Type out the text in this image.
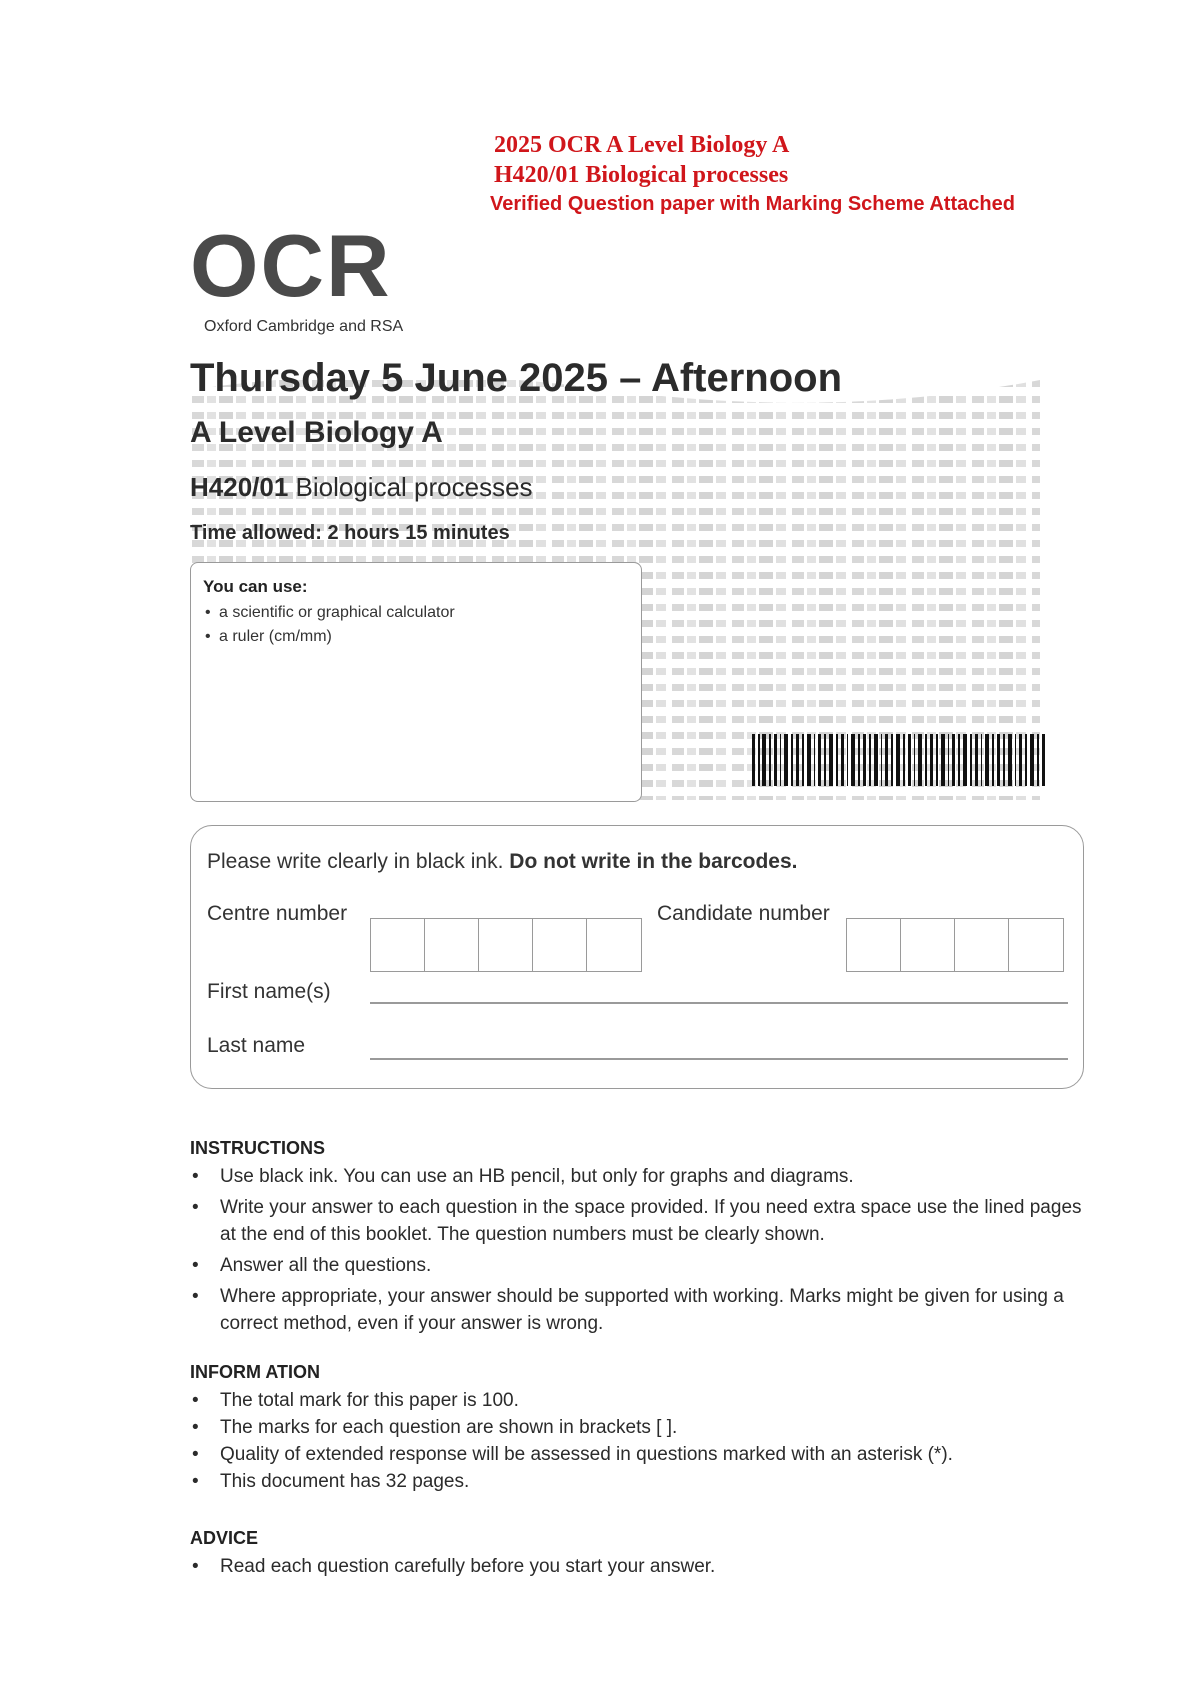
2025 OCR A Level Biology A
H420/01 Biological processes
Verified Question paper with Marking Scheme Attached
OCR
Oxford Cambridge and RSA
Thursday 5 June 2025 – Afternoon
A Level Biology A
H420/01 Biological processes
Time allowed: 2 hours 15 minutes
You can use:
• a scientific or graphical calculator
• a ruler (cm/mm)
Please write clearly in black ink. Do not write in the barcodes.
Centre number	Candidate number
First name(s)
Last name
INSTRUCTIONS
• Use black ink. You can use an HB pencil, but only for graphs and diagrams.
• Write your answer to each question in the space provided. If you need extra space use the lined pages at the end of this booklet. The question numbers must be clearly shown.
• Answer all the questions.
• Where appropriate, your answer should be supported with working. Marks might be given for using a correct method, even if your answer is wrong.
INFORM ATION
• The total mark for this paper is 100.
• The marks for each question are shown in brackets [ ].
• Quality of extended response will be assessed in questions marked with an asterisk (*).
• This document has 32 pages.
ADVICE
• Read each question carefully before you start your answer.
